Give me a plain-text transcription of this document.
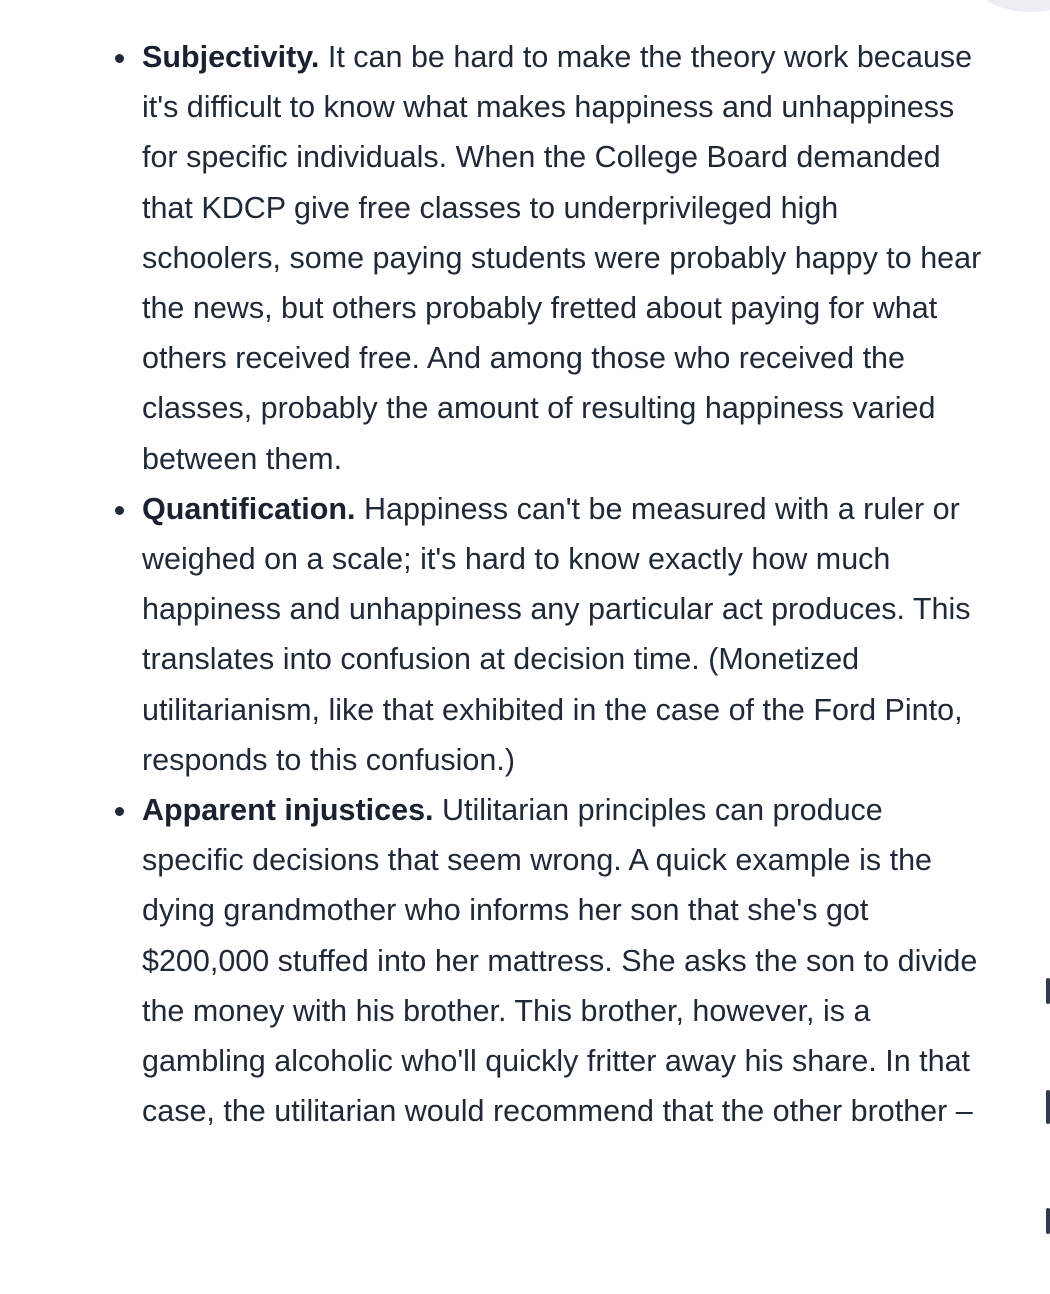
Subjectivity. It can be hard to make the theory work because it's difficult to know what makes happiness and unhappiness for specific individuals. When the College Board demanded that KDCP give free classes to underprivileged high schoolers, some paying students were probably happy to hear the news, but others probably fretted about paying for what others received free. And among those who received the classes, probably the amount of resulting happiness varied between them.
Quantification. Happiness can't be measured with a ruler or weighed on a scale; it's hard to know exactly how much happiness and unhappiness any particular act produces. This translates into confusion at decision time. (Monetized utilitarianism, like that exhibited in the case of the Ford Pinto, responds to this confusion.)
Apparent injustices. Utilitarian principles can produce specific decisions that seem wrong. A quick example is the dying grandmother who informs her son that she's got $200,000 stuffed into her mattress. She asks the son to divide the money with his brother. This brother, however, is a gambling alcoholic who'll quickly fritter away his share. In that case, the utilitarian would recommend that the other brother –
